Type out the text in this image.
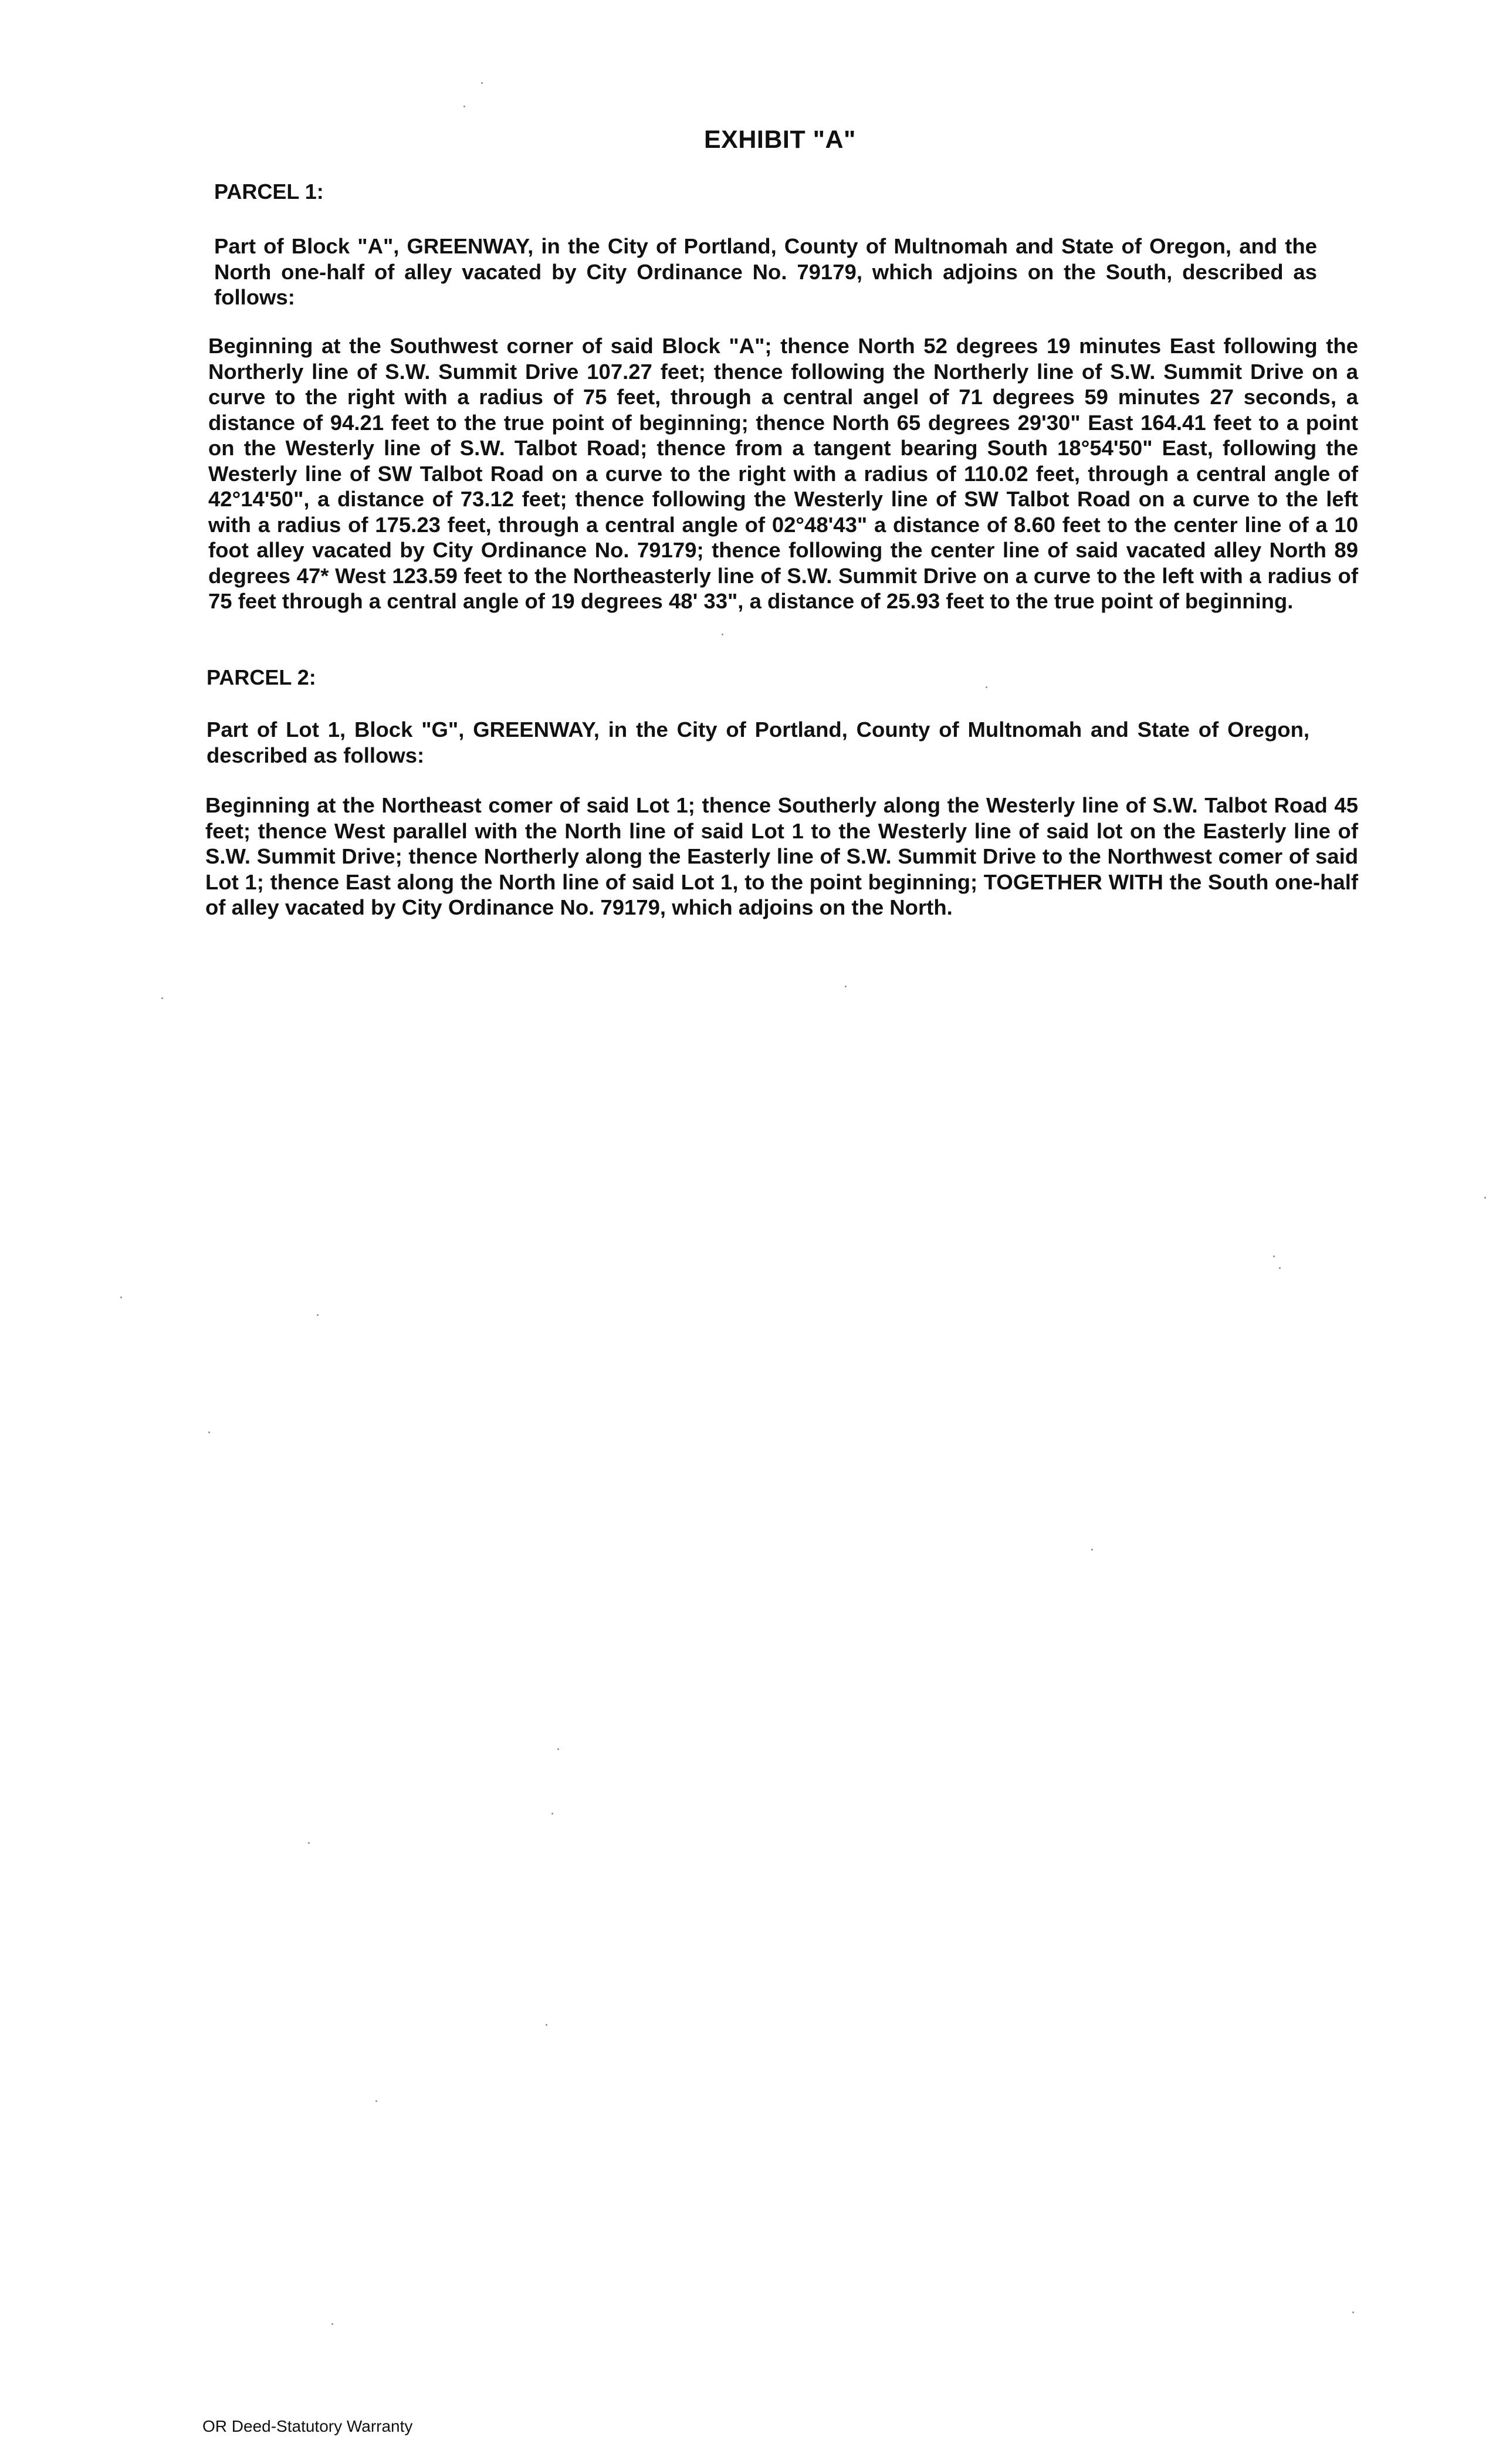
EXHIBIT "A"
PARCEL 1:
Part of Block "A", GREENWAY, in the City of Portland, County of Multnomah and State of Oregon, and the North one-half of alley vacated by City Ordinance No. 79179, which adjoins on the South, described as follows:
Beginning at the Southwest corner of said Block "A"; thence North 52 degrees 19 minutes East following the Northerly line of S.W. Summit Drive 107.27 feet; thence following the Northerly line of S.W. Summit Drive on a curve to the right with a radius of 75 feet, through a central angel of 71 degrees 59 minutes 27 seconds, a distance of 94.21 feet to the true point of beginning; thence North 65 degrees 29'30" East 164.41 feet to a point on the Westerly line of S.W. Talbot Road; thence from a tangent bearing South 18°54'50" East, following the Westerly line of SW Talbot Road on a curve to the right with a radius of 110.02 feet, through a central angle of 42°14'50", a distance of 73.12 feet; thence following the Westerly line of SW Talbot Road on a curve to the left with a radius of 175.23 feet, through a central angle of 02°48'43" a distance of 8.60 feet to the center line of a 10 foot alley vacated by City Ordinance No. 79179; thence following the center line of said vacated alley North 89 degrees 47* West 123.59 feet to the Northeasterly line of S.W. Summit Drive on a curve to the left with a radius of 75 feet through a central angle of 19 degrees 48' 33", a distance of 25.93 feet to the true point of beginning.
PARCEL 2:
Part of Lot 1, Block "G", GREENWAY, in the City of Portland, County of Multnomah and State of Oregon, described as follows:
Beginning at the Northeast comer of said Lot 1; thence Southerly along the Westerly line of S.W. Talbot Road 45 feet; thence West parallel with the North line of said Lot 1 to the Westerly line of said lot on the Easterly line of S.W. Summit Drive; thence Northerly along the Easterly line of S.W. Summit Drive to the Northwest comer of said Lot 1; thence East along the North line of said Lot 1, to the point beginning; TOGETHER WITH the South one-half of alley vacated by City Ordinance No. 79179, which adjoins on the North.
OR Deed-Statutory Warranty
